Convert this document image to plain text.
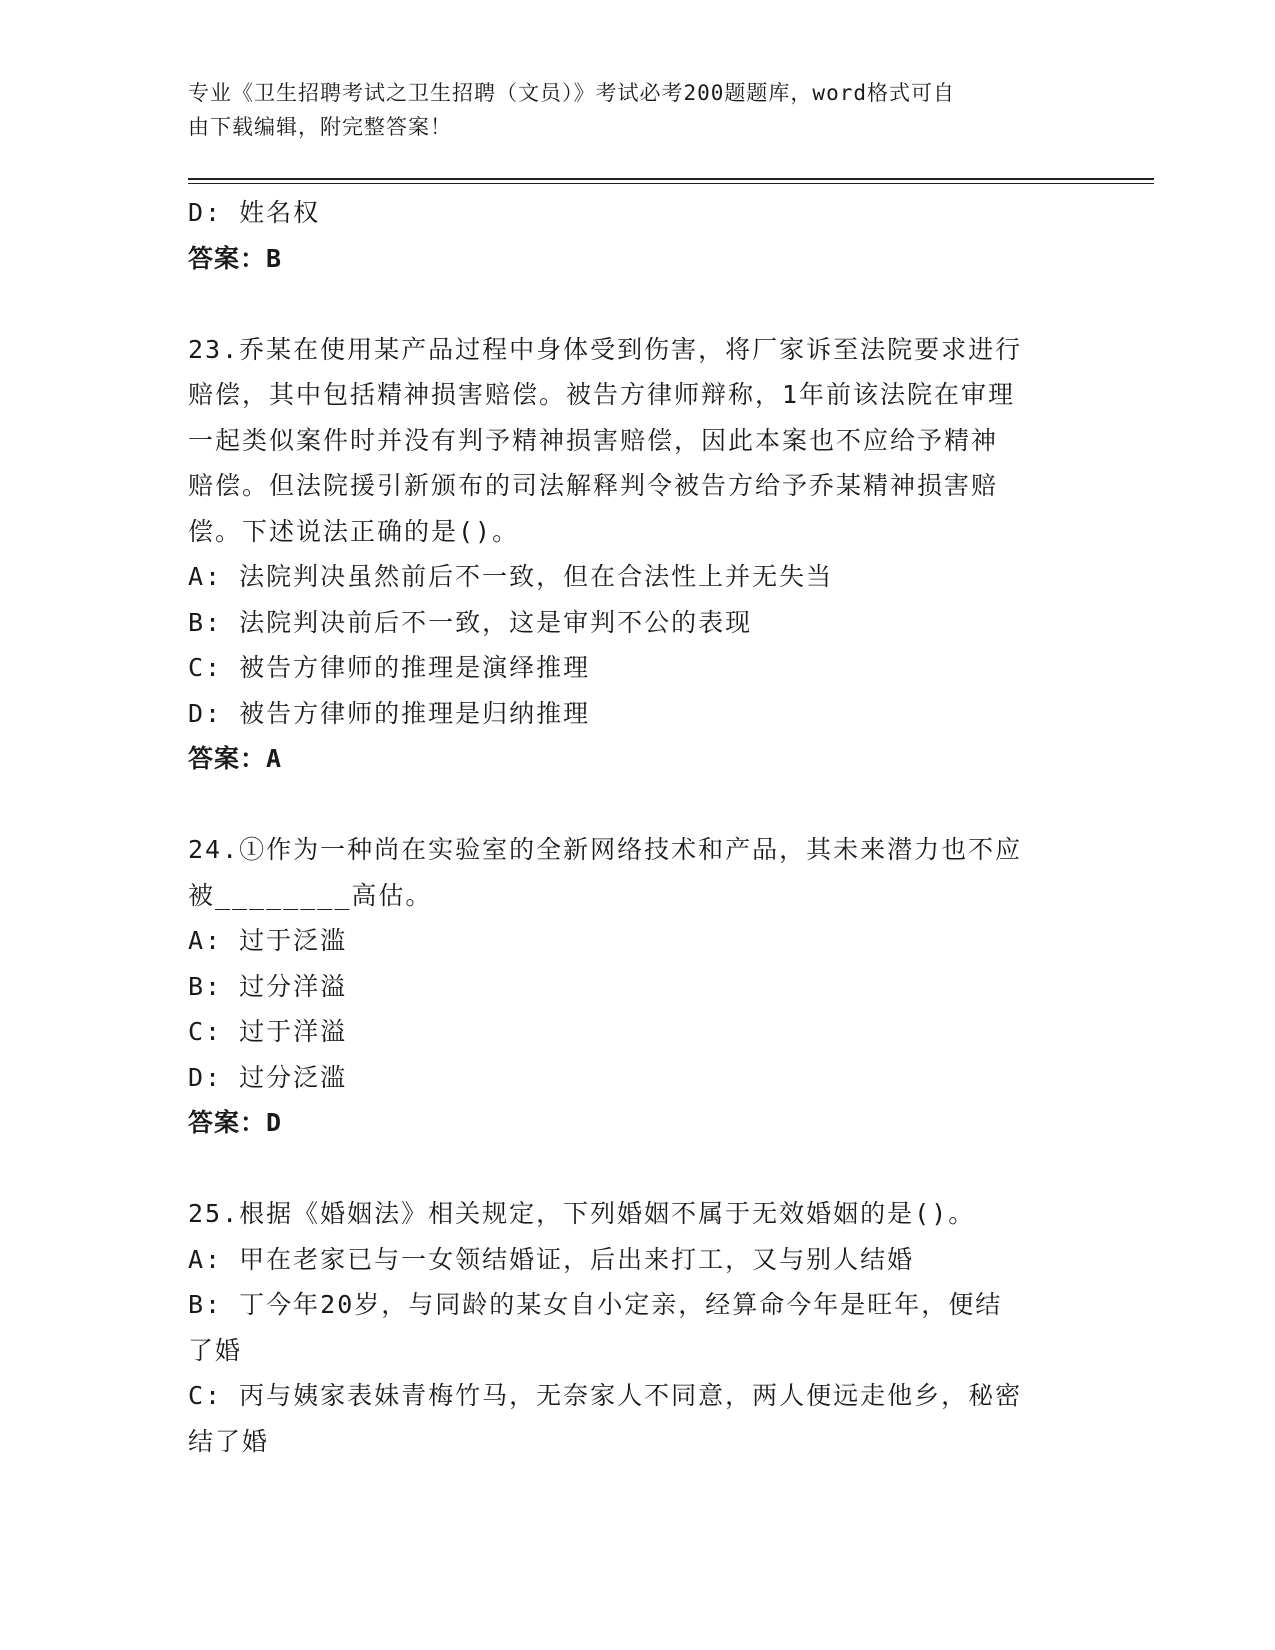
专业《卫生招聘考试之卫生招聘（文员）》考试必考200题题库，word格式可自
由下载编辑，附完整答案！
D: 姓名权
答案：B
23.乔某在使用某产品过程中身体受到伤害，将厂家诉至法院要求进行
赔偿，其中包括精神损害赔偿。被告方律师辩称，1年前该法院在审理
一起类似案件时并没有判予精神损害赔偿，因此本案也不应给予精神
赔偿。但法院援引新颁布的司法解释判令被告方给予乔某精神损害赔
偿。下述说法正确的是()。
A: 法院判决虽然前后不一致，但在合法性上并无失当
B: 法院判决前后不一致，这是审判不公的表现
C: 被告方律师的推理是演绎推理
D: 被告方律师的推理是归纳推理
答案：A
24.①作为一种尚在实验室的全新网络技术和产品，其未来潜力也不应
被________高估。
A: 过于泛滥
B: 过分洋溢
C: 过于洋溢
D: 过分泛滥
答案：D
25.根据《婚姻法》相关规定，下列婚姻不属于无效婚姻的是()。
A: 甲在老家已与一女领结婚证，后出来打工，又与别人结婚
B: 丁今年20岁，与同龄的某女自小定亲，经算命今年是旺年，便结
了婚
C: 丙与姨家表妹青梅竹马，无奈家人不同意，两人便远走他乡，秘密
结了婚
